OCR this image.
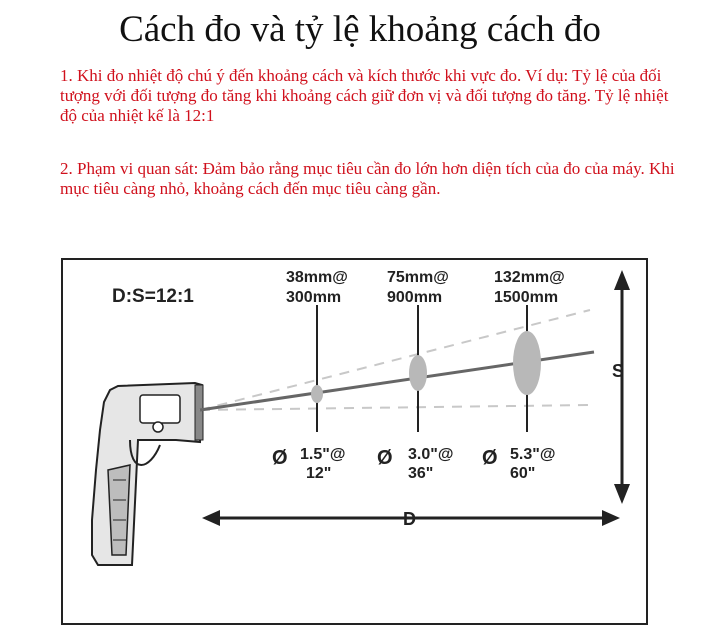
Cách đo và tỷ lệ khoảng cách đo
1. Khi đo nhiệt độ chú ý đến khoảng cách và kích thước khi vực đo. Ví dụ: Tỷ lệ của đối tượng với đối tượng đo tăng khi khoảng cách giữ đơn vị và đối tượng đo tăng. Tỷ lệ nhiệt độ của nhiệt kế là 12:1
2. Phạm vi quan sát: Đảm bảo rằng mục tiêu cần đo lớn hơn diện tích của đo của máy. Khi mục tiêu càng nhỏ, khoảng cách đến mục tiêu càng gần.
D:S=12:1
38mm@
300mm
75mm@
900mm
132mm@
1500mm
Ø	Ø	Ø
1.5"@
12"
3.0"@
36"
5.3"@
60"
S
D
